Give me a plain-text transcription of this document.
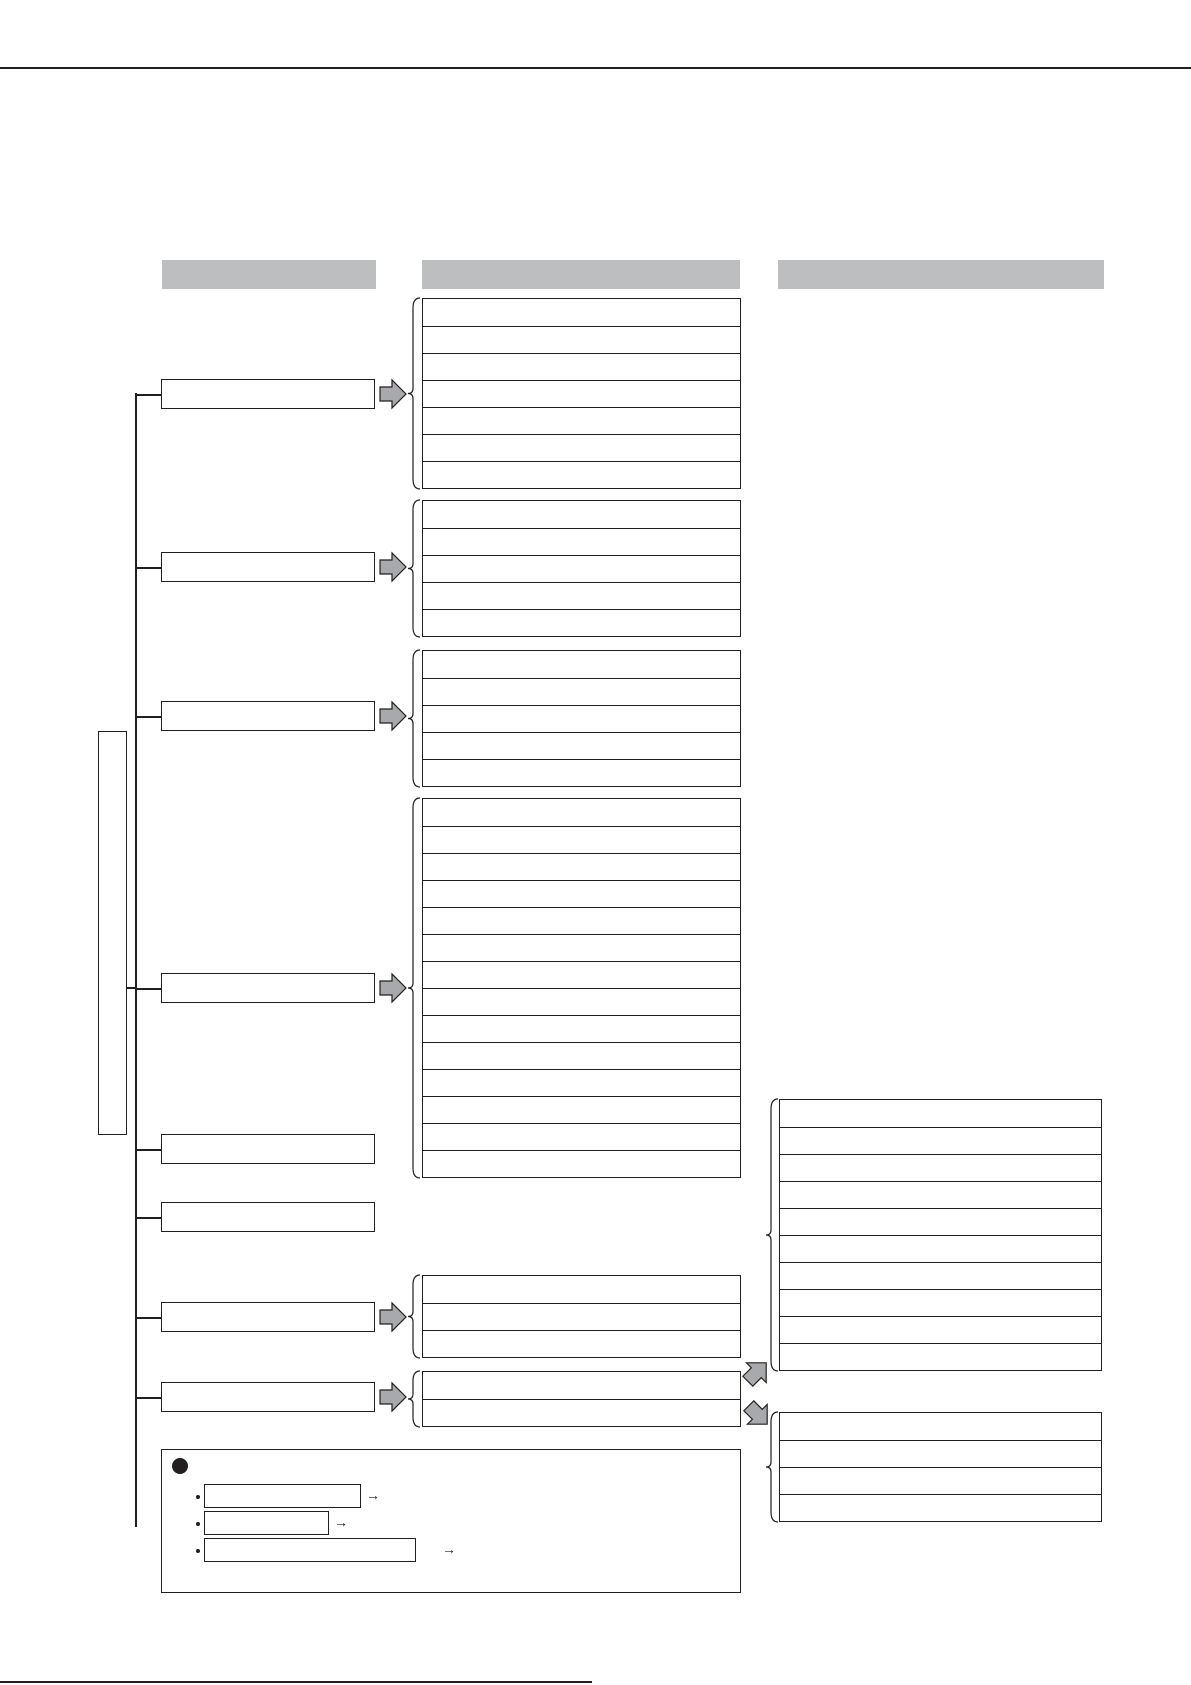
→
→
→
